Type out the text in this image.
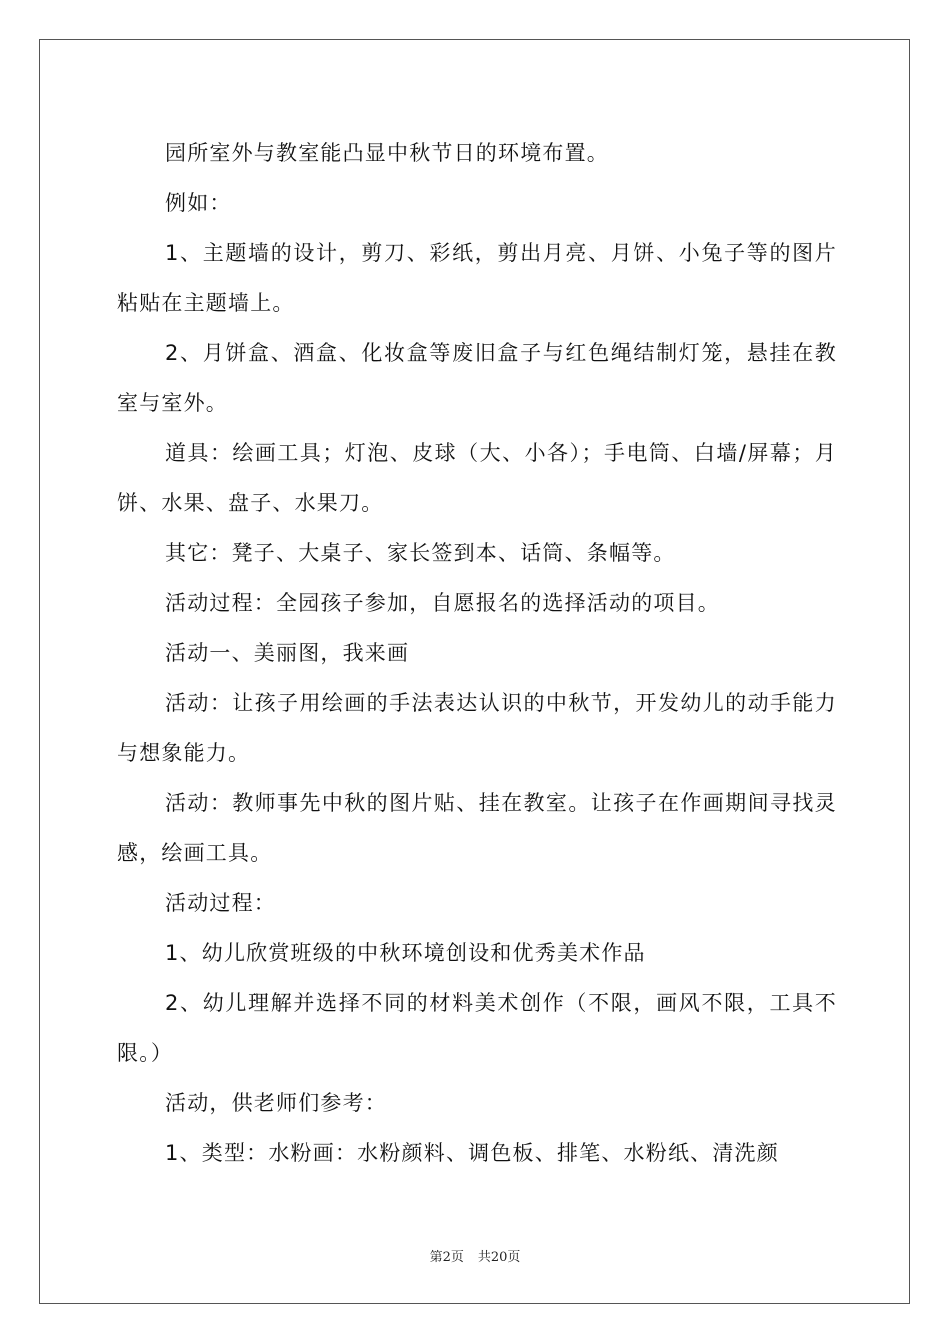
园所室外与教室能凸显中秋节日的环境布置。

例如：

1、主题墙的设计，剪刀、彩纸，剪出月亮、月饼、小兔子等的图片粘贴在主题墙上。

2、月饼盒、酒盒、化妆盒等废旧盒子与红色绳结制灯笼，悬挂在教室与室外。

道具：绘画工具；灯泡、皮球（大、小各）；手电筒、白墙/屏幕；月饼、水果、盘子、水果刀。

其它：凳子、大桌子、家长签到本、话筒、条幅等。

活动过程：全园孩子参加，自愿报名的选择活动的项目。

活动一、美丽图，我来画

活动：让孩子用绘画的手法表达认识的中秋节，开发幼儿的动手能力与想象能力。

活动：教师事先中秋的图片贴、挂在教室。让孩子在作画期间寻找灵感，绘画工具。

活动过程：

1、幼儿欣赏班级的中秋环境创设和优秀美术作品

2、幼儿理解并选择不同的材料美术创作（不限，画风不限，工具不限。）

活动，供老师们参考：

1、类型：水粉画：水粉颜料、调色板、排笔、水粉纸、清洗颜

第2页 共20页
